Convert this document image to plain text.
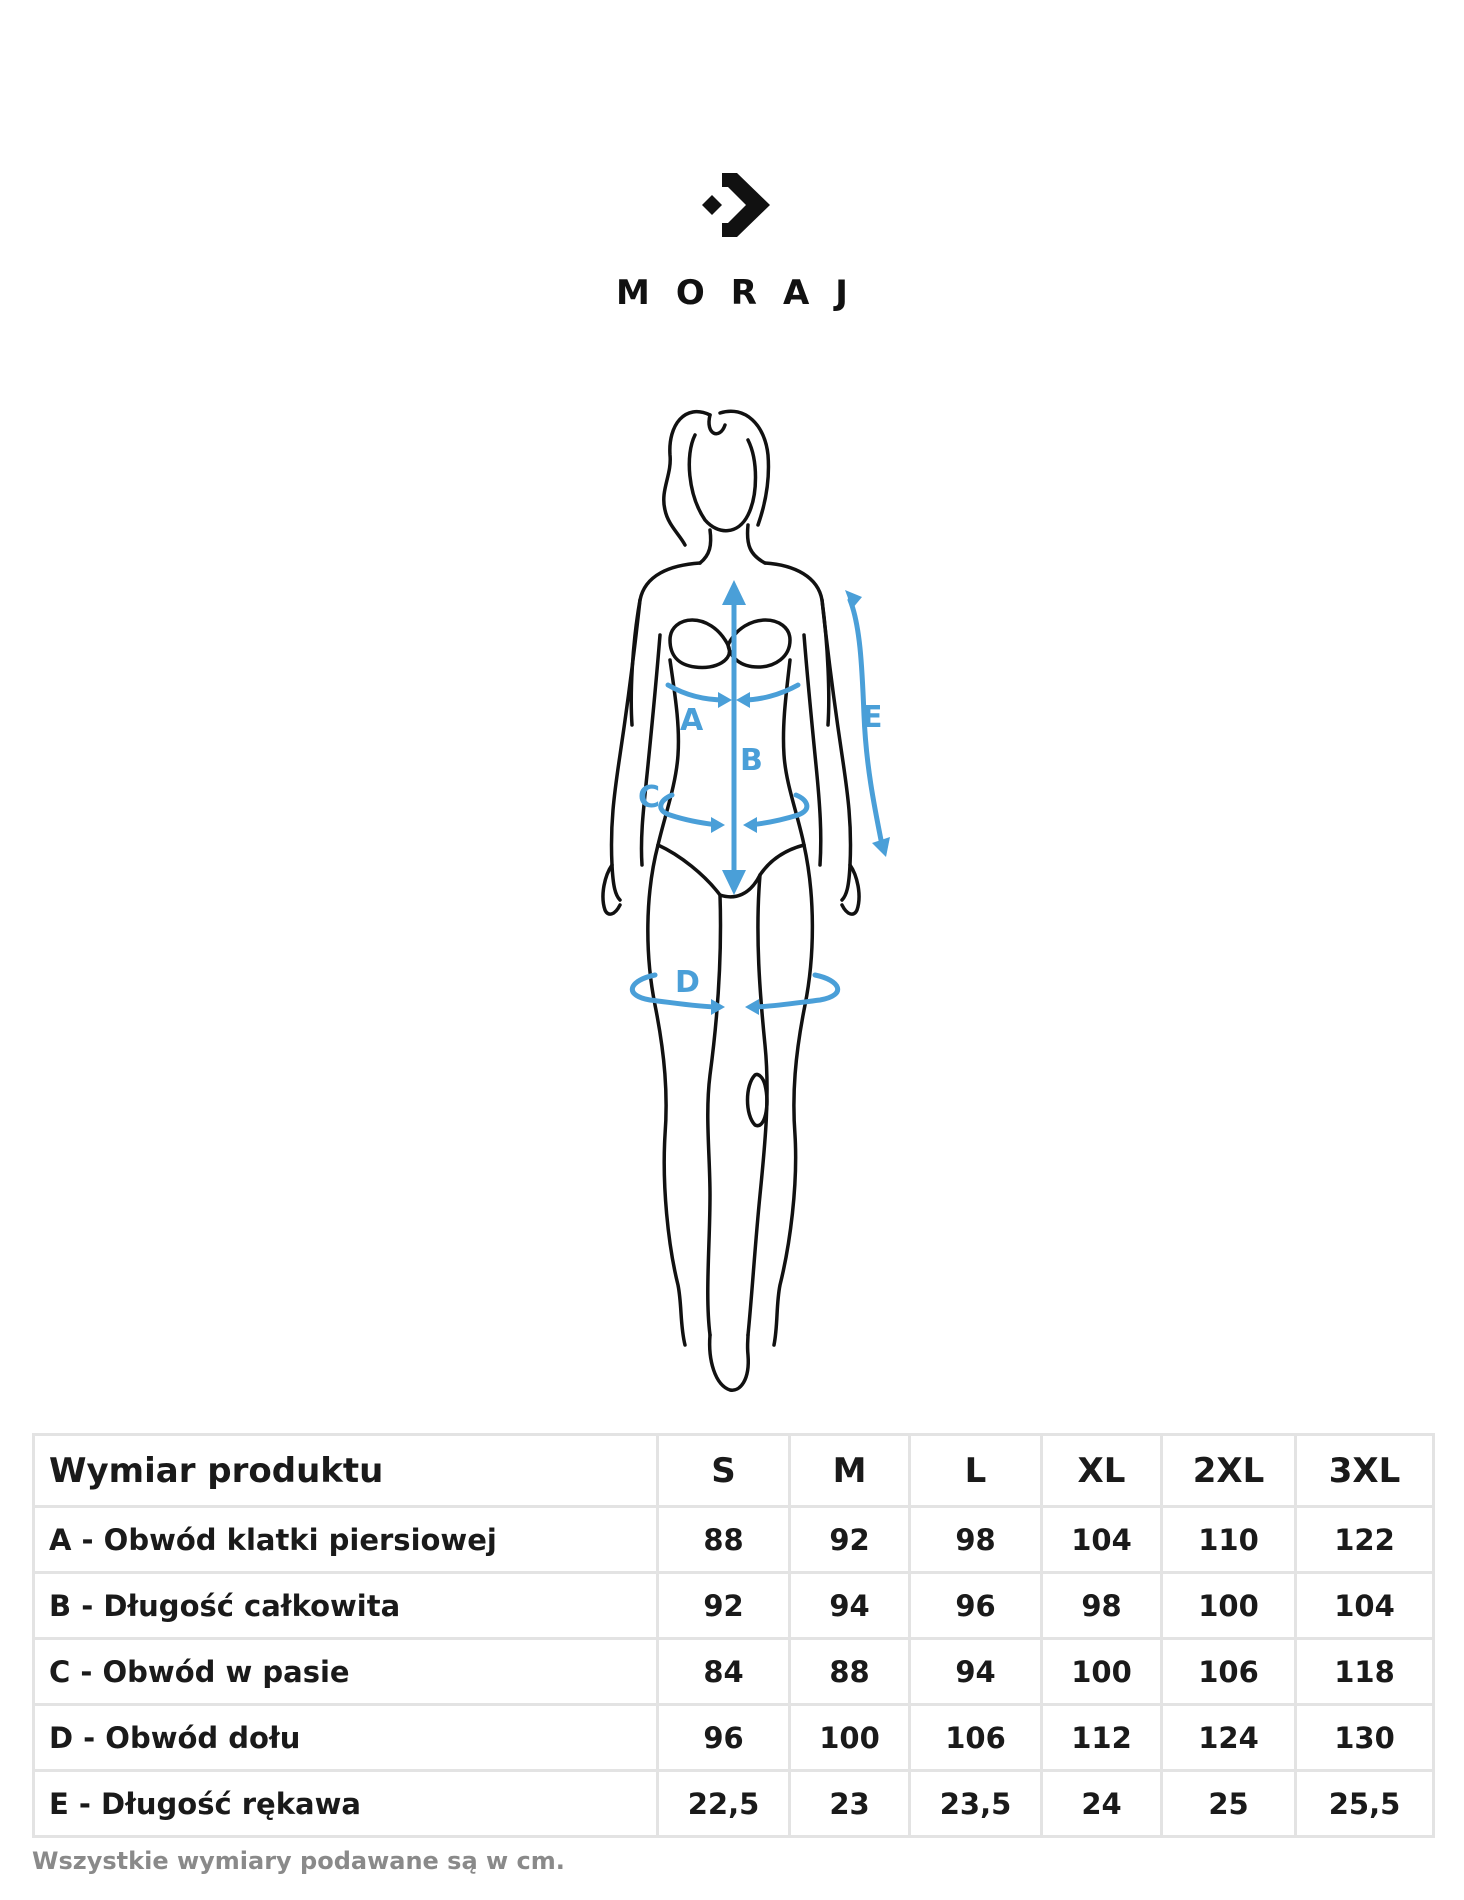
MORAJ
A
B
C
D
E
Wymiar produktu	S	M	L	XL	2XL	3XL
A - Obwód klatki piersiowej	88	92	98	104	110	122
B - Długość całkowita	92	94	96	98	100	104
C - Obwód w pasie	84	88	94	100	106	118
D - Obwód dołu	96	100	106	112	124	130
E - Długość rękawa	22,5	23	23,5	24	25	25,5
Wszystkie wymiary podawane są w cm.
